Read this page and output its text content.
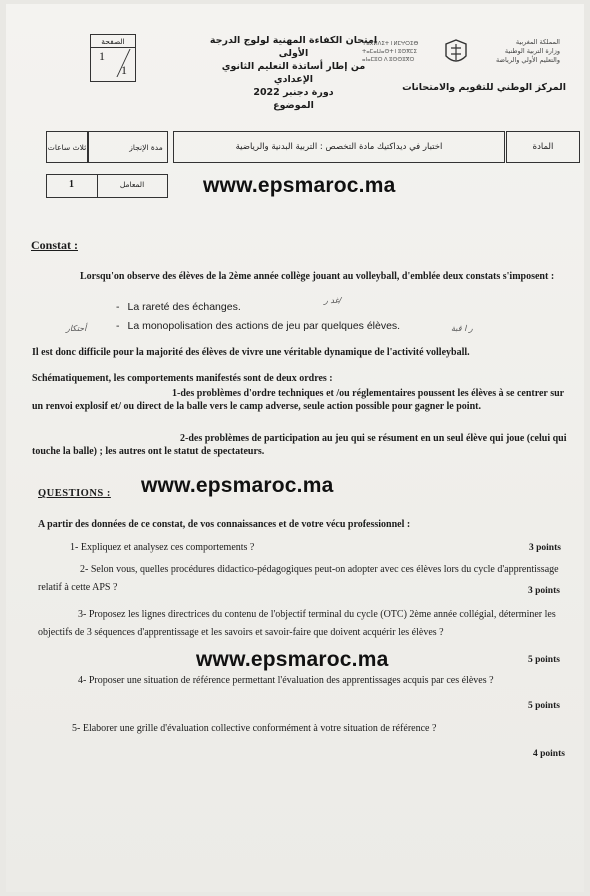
الصفحة
1
1
امتحان الكفاءة المهنية لولوج الدرجة الأولى
من إطار أساتذة التعليم الثانوي الإعدادي
دورة دجنبر 2022
الموضوع
المملكة المغربية
وزارة التربية الوطنية
والتعليم الأولي والرياضة
ⵜⴰⴳⵍⴷⵉⵜ ⵏ ⵍⵎⵖⵔⵉⴱ
ⵜⴰⵎⴰⵡⴰⵙⵜ ⵏ ⵓⵙⴳⵎⵉ
ⴰⵏⴰⵎⵓⵔ ⴷ ⵓⵙⵙⵓⴳⵔ
المركز الوطني للتقويم والامتحانات
ثلاث ساعات	مدة الإنجاز	اختبار في ديداكتيك مادة التخصص : التربية البدنية والرياضية	المادة
1	المعامل	www.epsmaroc.ma
Constat :
Lorsqu'on observe des élèves de la 2ème année collège jouant au volleyball, d'emblée deux constats s'imposent :
- La rareté des échanges.
- La monopolisation des actions de jeu par quelques élèves.
ﻏﺪ ﺭ/
ﺃﺣﺘﻜﺎﺭ	ﺭ ﺍ ﻗﺒﺔ
Il est donc difficile pour la majorité des élèves de vivre une véritable dynamique de l'activité volleyball.
Schématiquement, les comportements manifestés sont de deux ordres :
1-des problèmes d'ordre techniques et /ou réglementaires poussent les élèves à se centrer sur un renvoi explosif et/ ou direct de la balle vers le camp adverse, seule action possible pour gagner le point.
2-des problèmes de participation au jeu qui se résument en un seul élève qui joue (celui qui touche la balle) ; les autres ont le statut de spectateurs.
www.epsmaroc.ma
QUESTIONS :
A partir des données de ce constat, de vos connaissances et de votre vécu professionnel :
1- Expliquez et analysez ces comportements ?	3 points
2- Selon vous, quelles procédures didactico-pédagogiques peut-on adopter avec ces élèves lors du cycle d'apprentissage relatif à cette APS ?	3 points
3- Proposez les lignes directrices du contenu de l'objectif terminal du cycle (OTC) 2ème année collégial, déterminer les objectifs de 3 séquences d'apprentissage et les savoirs et savoir-faire que doivent acquérir les élèves ?
5 points
www.epsmaroc.ma
4- Proposer une situation de référence permettant l'évaluation des apprentissages acquis par ces élèves ?
5 points
5- Elaborer une grille d'évaluation collective conformément à votre situation de référence ?
4 points
